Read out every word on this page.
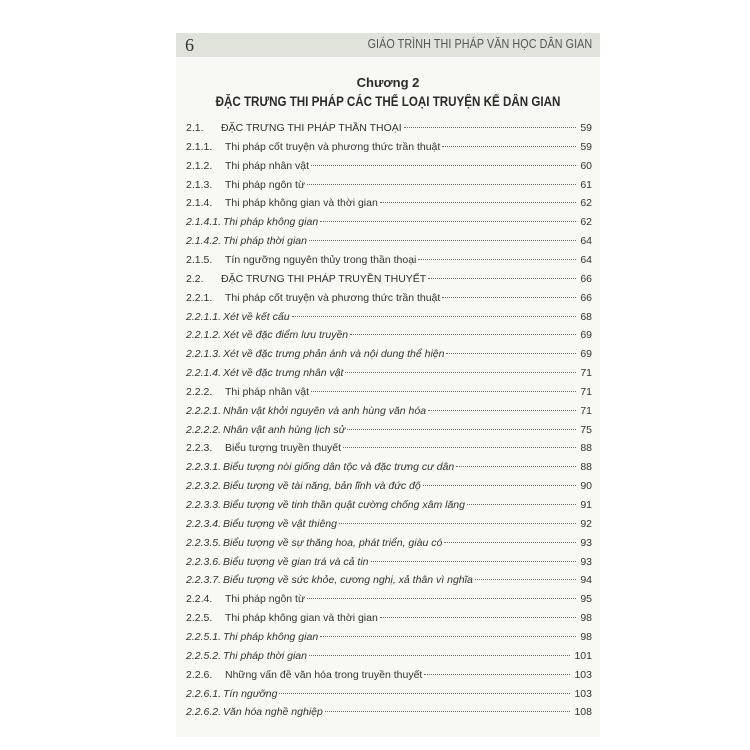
6	GIÁO TRÌNH THI PHÁP VĂN HỌC DÂN GIAN
Chương 2
ĐẶC TRƯNG THI PHÁP CÁC THỂ LOẠI TRUYỆN KỂ DÂN GIAN
2.1. ĐẶC TRƯNG THI PHÁP THẦN THOẠI	59
2.1.1. Thi pháp cốt truyện và phương thức trần thuật	59
2.1.2. Thi pháp nhân vật	60
2.1.3. Thi pháp ngôn từ	61
2.1.4. Thi pháp không gian và thời gian	62
2.1.4.1. Thi pháp không gian	62
2.1.4.2. Thi pháp thời gian	64
2.1.5. Tín ngưỡng nguyên thủy trong thần thoại	64
2.2. ĐẶC TRƯNG THI PHÁP TRUYỀN THUYẾT	66
2.2.1. Thi pháp cốt truyện và phương thức trần thuật	66
2.2.1.1. Xét về kết cấu	68
2.2.1.2. Xét về đặc điểm lưu truyền	69
2.2.1.3. Xét về đặc trưng phản ánh và nội dung thể hiện	69
2.2.1.4. Xét về đặc trưng nhân vật	71
2.2.2. Thi pháp nhân vật	71
2.2.2.1. Nhân vật khởi nguyên và anh hùng văn hóa	71
2.2.2.2. Nhân vật anh hùng lịch sử	75
2.2.3. Biểu tượng truyền thuyết	88
2.2.3.1. Biểu tượng nòi giống dân tộc và đặc trưng cư dân	88
2.2.3.2. Biểu tượng về tài năng, bản lĩnh và đức độ	90
2.2.3.3. Biểu tượng về tinh thần quật cường chống xâm lăng	91
2.2.3.4. Biểu tượng về vật thiêng	92
2.2.3.5. Biểu tượng về sự thăng hoa, phát triển, giàu có	93
2.2.3.6. Biểu tượng về gian trá và cả tin	93
2.2.3.7. Biểu tượng về sức khỏe, cương nghị, xả thân vì nghĩa	94
2.2.4. Thi pháp ngôn từ	95
2.2.5. Thi pháp không gian và thời gian	98
2.2.5.1. Thi pháp không gian	98
2.2.5.2. Thi pháp thời gian	101
2.2.6. Những vấn đề văn hóa trong truyền thuyết	103
2.2.6.1. Tín ngưỡng	103
2.2.6.2. Văn hóa nghề nghiệp	108
